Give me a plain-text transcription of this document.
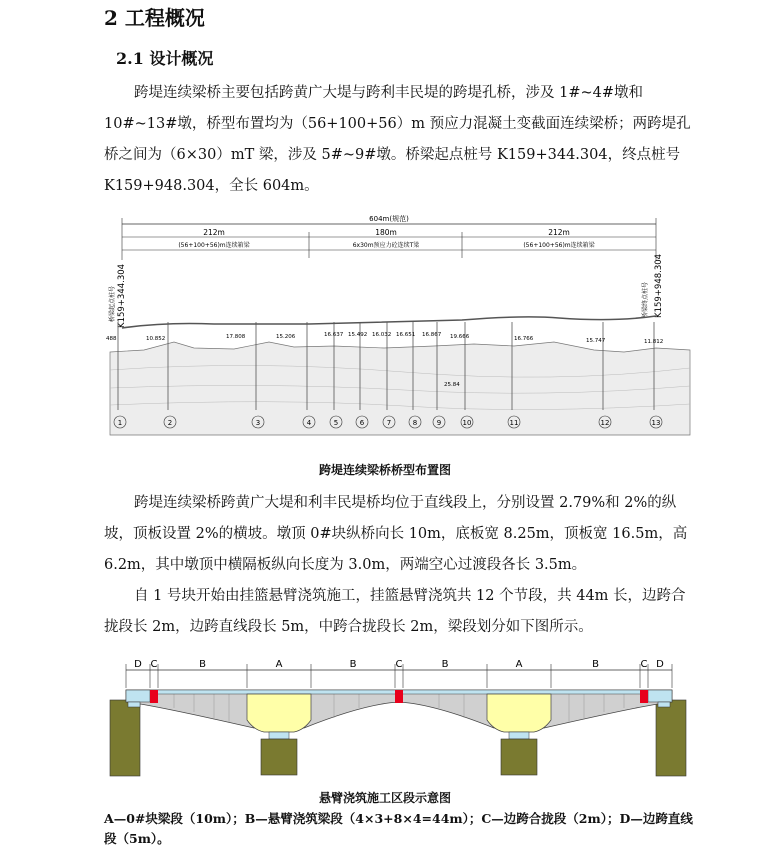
2 工程概况
2.1 设计概况
跨堤连续梁桥主要包括跨黄广大堤与跨利丰民堤的跨堤孔桥，涉及 1#~4#墩和10#~13#墩，桥型布置均为（56+100+56）m 预应力混凝土变截面连续梁桥；两跨堤孔桥之间为（6×30）mT 梁，涉及 5#~9#墩。桥梁起点桩号 K159+344.304，终点桩号K159+948.304，全长 604m。
604m(规范)
212m	180m	212m
(56+100+56)m连续箱梁	6x30m预应力砼连续T梁	(56+100+56)m连续箱梁
桥梁起点桩号 K159+344.304	桥梁终点桩号 K159+948.304
1	2	3	4	5	6	7	8	9	10	11	12	13
488	10.852	17.808	15.206	16.637 15.492 16.032 16.651 16.867 19.666	16.766	15.747	11.812
25.84
跨堤连续梁桥桥型布置图
跨堤连续梁桥跨黄广大堤和利丰民堤桥均位于直线段上，分别设置 2.79%和 2%的纵坡，顶板设置 2%的横坡。墩顶 0#块纵桥向长 10m，底板宽 8.25m，顶板宽 16.5m，高 6.2m，其中墩顶中横隔板纵向长度为 3.0m，两端空心过渡段各长 3.5m。
自 1 号块开始由挂篮悬臂浇筑施工，挂篮悬臂浇筑共 12 个节段，共 44m 长，边跨合拢段长 2m，边跨直线段长 5m，中跨合拢段长 2m，梁段划分如下图所示。
D C	B	A	B	C	B	A	B	C D
悬臂浇筑施工区段示意图
A—0#块梁段（10m）；B—悬臂浇筑梁段（4×3+8×4=44m）；C—边跨合拢段（2m）；D—边跨直线段（5m）。
